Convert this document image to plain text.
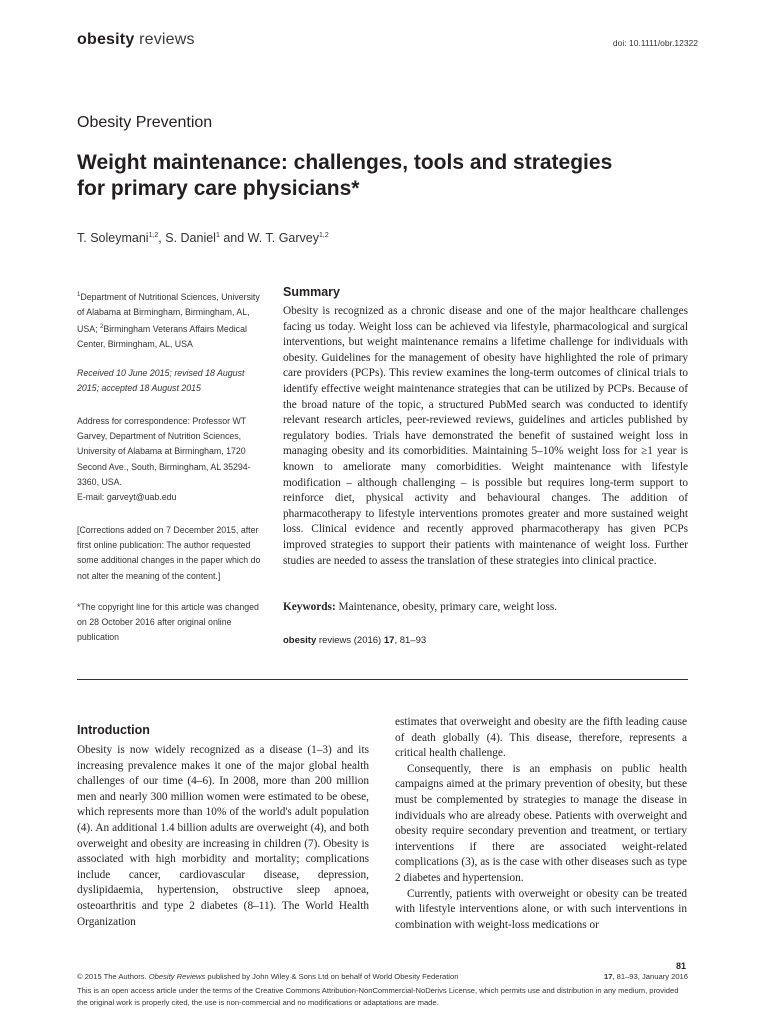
obesity reviews	doi: 10.1111/obr.12322
Obesity Prevention
Weight maintenance: challenges, tools and strategies
for primary care physicians*
T. Soleymani$^{1,2}$, S. Daniel$^1$ and W. T. Garvey$^{1,2}$

$^1$Department of Nutritional Sciences, University of Alabama at Birmingham, Birmingham, AL, USA; $^2$Birmingham Veterans Affairs Medical Center, Birmingham, AL, USA

Received 10 June 2015; revised 18 August 2015; accepted 18 August 2015

Address for correspondence: Professor WT Garvey, Department of Nutrition Sciences, University of Alabama at Birmingham, 1720 Second Ave., South, Birmingham, AL 35294-3360, USA.

E-mail: garveyt@uab.edu

[Corrections added on 7 December 2015, after first online publication: The author requested some additional changes in the paper which do not alter the meaning of the content.]

*The copyright line for this article was changed on 28 October 2016 after original online publication

Summary
Obesity is recognized as a chronic disease and one of the major healthcare challenges facing us today. Weight loss can be achieved via lifestyle, pharmacological and surgical interventions, but weight maintenance remains a lifetime challenge for individuals with obesity. Guidelines for the management of obesity have highlighted the role of primary care providers (PCPs). This review examines the long-term outcomes of clinical trials to identify effective weight maintenance strategies that can be utilized by PCPs. Because of the broad nature of the topic, a structured PubMed search was conducted to identify relevant research articles, peer-reviewed reviews, guidelines and articles published by regulatory bodies. Trials have demonstrated the benefit of sustained weight loss in managing obesity and its comorbidities. Maintaining 5–10% weight loss for ≥1 year is known to ameliorate many comorbidities. Weight maintenance with lifestyle modification – although challenging – is possible but requires long-term support to reinforce diet, physical activity and behavioural changes. The addition of pharmacotherapy to lifestyle interventions promotes greater and more sustained weight loss. Clinical evidence and recently approved pharmacotherapy has given PCPs improved strategies to support their patients with maintenance of weight loss. Further studies are needed to assess the translation of these strategies into clinical practice.
Keywords: Maintenance, obesity, primary care, weight loss.
obesity reviews (2016) 17, 81–93
Introduction
Obesity is now widely recognized as a disease (1–3) and its increasing prevalence makes it one of the major global health challenges of our time (4–6). In 2008, more than 200 million men and nearly 300 million women were estimated to be obese, which represents more than 10% of the world's adult population (4). An additional 1.4 billion adults are overweight (4), and both overweight and obesity are increasing in children (7). Obesity is associated with high morbidity and mortality; complications include cancer, cardiovascular disease, depression, dyslipidaemia, hypertension, obstructive sleep apnoea, osteoarthritis and type 2 diabetes (8–11). The World Health Organization

estimates that overweight and obesity are the fifth leading cause of death globally (4). This disease, therefore, represents a critical health challenge.

Consequently, there is an emphasis on public health campaigns aimed at the primary prevention of obesity, but these must be complemented by strategies to manage the disease in individuals who are already obese. Patients with overweight and obesity require secondary prevention and treatment, or tertiary interventions if there are associated weight-related complications (3), as is the case with other diseases such as type 2 diabetes and hypertension.

Currently, patients with overweight or obesity can be treated with lifestyle interventions alone, or with such interventions in combination with weight-loss medications or

81
© 2015 The Authors. Obesity Reviews published by John Wiley & Sons Ltd on behalf of World Obesity Federation	17, 81–93, January 2016
This is an open access article under the terms of the Creative Commons Attribution-NonCommercial-NoDerivs License, which permits use and distribution in any medium, provided the original work is properly cited, the use is non-commercial and no modifications or adaptations are made.
